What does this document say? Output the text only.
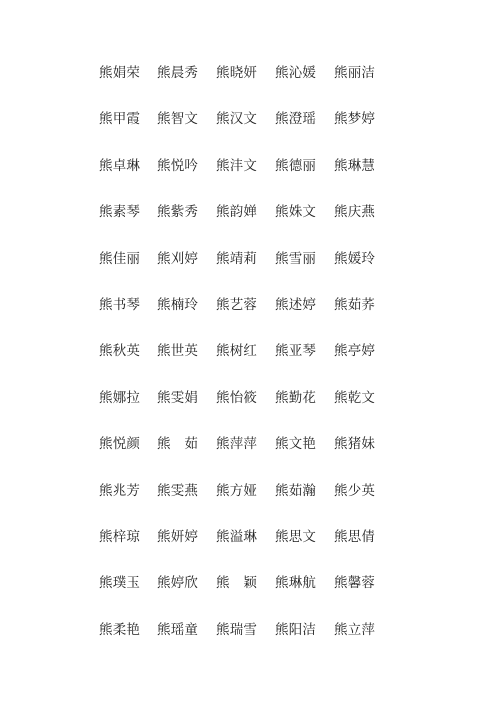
熊娟荣 熊晨秀 熊晓妍 熊沁媛 熊丽洁
熊甲霞 熊智文 熊汉文 熊澄瑶 熊梦婷
熊卓琳 熊悦吟 熊沣文 熊德丽 熊琳慧
熊素琴 熊紫秀 熊韵婵 熊姝文 熊庆燕
熊佳丽 熊刈婷 熊靖莉 熊雪丽 熊媛玲
熊书琴 熊楠玲 熊艺蓉 熊述婷 熊茹荞
熊秋英 熊世英 熊树红 熊亚琴 熊亭婷
熊娜拉 熊雯娟 熊怡筱 熊勤花 熊乾文
熊悦颜 熊　茹 熊萍萍 熊文艳 熊猪妹
熊兆芳 熊雯燕 熊方娅 熊茹瀚 熊少英
熊梓琼 熊妍婷 熊溢琳 熊思文 熊思倩
熊璞玉 熊婷欣 熊　颖 熊琳航 熊馨蓉
熊柔艳 熊瑶童 熊瑞雪 熊阳洁 熊立萍
